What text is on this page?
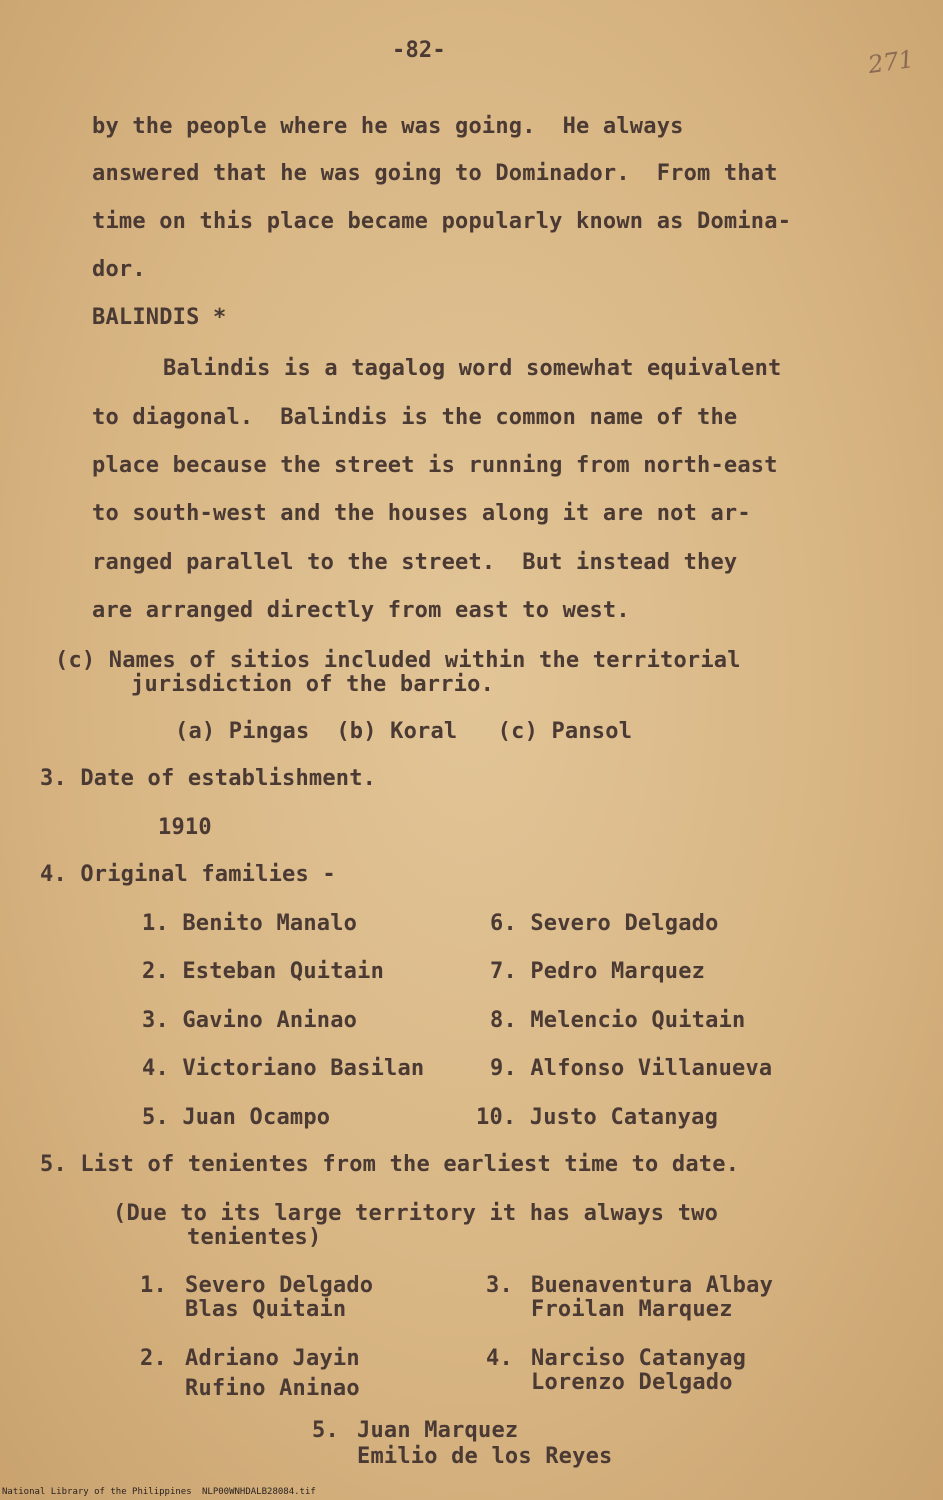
-82-	271
by the people where he was going.  He always
answered that he was going to Dominador.  From that
time on this place became popularly known as Domina-
dor.
BALINDIS *
Balindis is a tagalog word somewhat equivalent
to diagonal.  Balindis is the common name of the
place because the street is running from north-east
to south-west and the houses along it are not ar-
ranged parallel to the street.  But instead they
are arranged directly from east to west.
(c) Names of sitios included within the territorial
jurisdiction of the barrio.
(a) Pingas  (b) Koral   (c) Pansol
3. Date of establishment.
1910
4. Original families -
1. Benito Manalo
2. Esteban Quitain
3. Gavino Aninao
4. Victoriano Basilan
5. Juan Ocampo
6. Severo Delgado
7. Pedro Marquez
8. Melencio Quitain
9. Alfonso Villanueva
10. Justo Catanyag
5. List of tenientes from the earliest time to date.
(Due to its large territory it has always two
tenientes)
1. Severo Delgado
Blas Quitain
2. Adriano Jayin
Rufino Aninao
3. Buenaventura Albay
Froilan Marquez
4. Narciso Catanyag
Lorenzo Delgado
5. Juan Marquez
Emilio de los Reyes
National Library of the Philippines NLP00WNHDALB28084.tif
